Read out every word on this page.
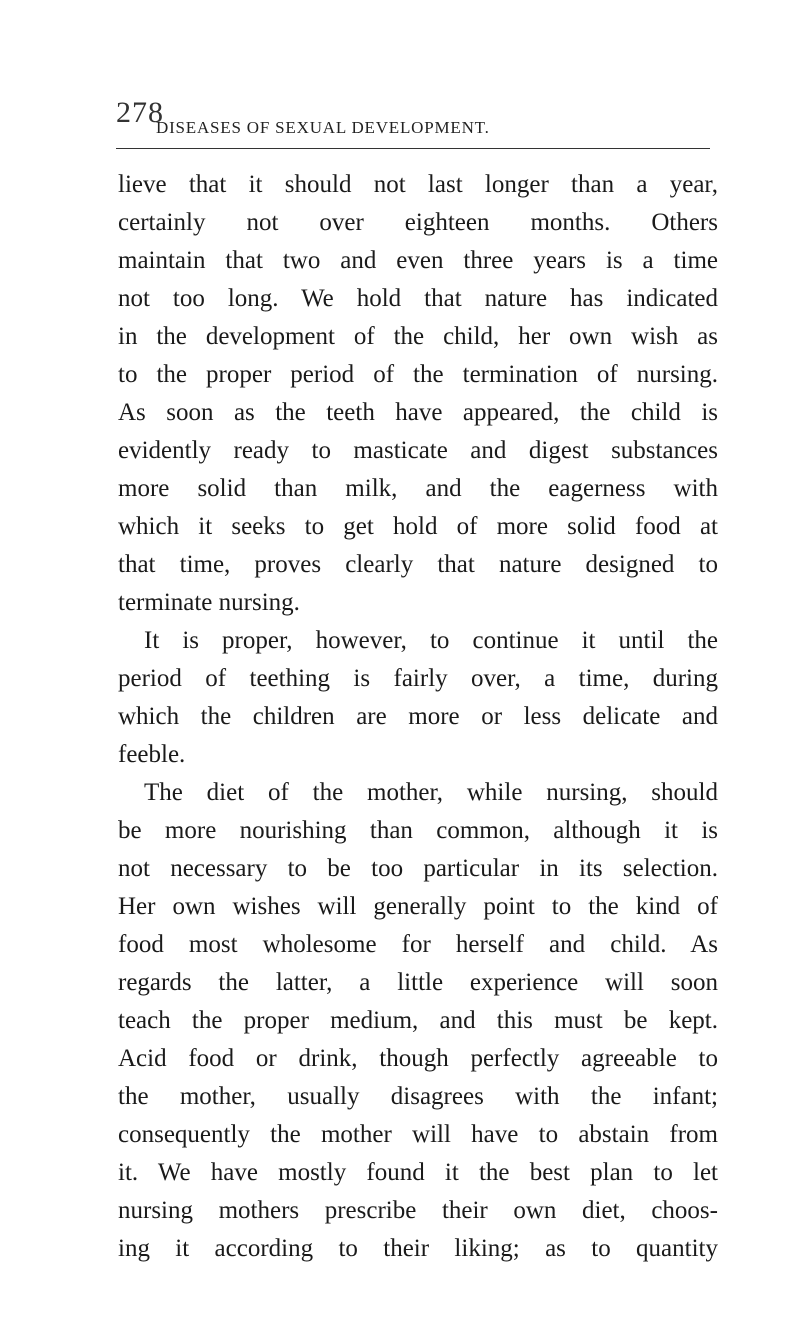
278
DISEASES OF SEXUAL DEVELOPMENT.
lieve that it should not last longer than a year,
certainly not over eighteen months. Others
maintain that two and even three years is a time
not too long. We hold that nature has indicated
in the development of the child, her own wish as
to the proper period of the termination of nursing.
As soon as the teeth have appeared, the child is
evidently ready to masticate and digest substances
more solid than milk, and the eagerness with
which it seeks to get hold of more solid food at
that time, proves clearly that nature designed to
terminate nursing.
It is proper, however, to continue it until the
period of teething is fairly over, a time, during
which the children are more or less delicate and
feeble.
The diet of the mother, while nursing, should
be more nourishing than common, although it is
not necessary to be too particular in its selection.
Her own wishes will generally point to the kind of
food most wholesome for herself and child. As
regards the latter, a little experience will soon
teach the proper medium, and this must be kept.
Acid food or drink, though perfectly agreeable to
the mother, usually disagrees with the infant;
consequently the mother will have to abstain from
it. We have mostly found it the best plan to let
nursing mothers prescribe their own diet, choos-
ing it according to their liking; as to quantity
